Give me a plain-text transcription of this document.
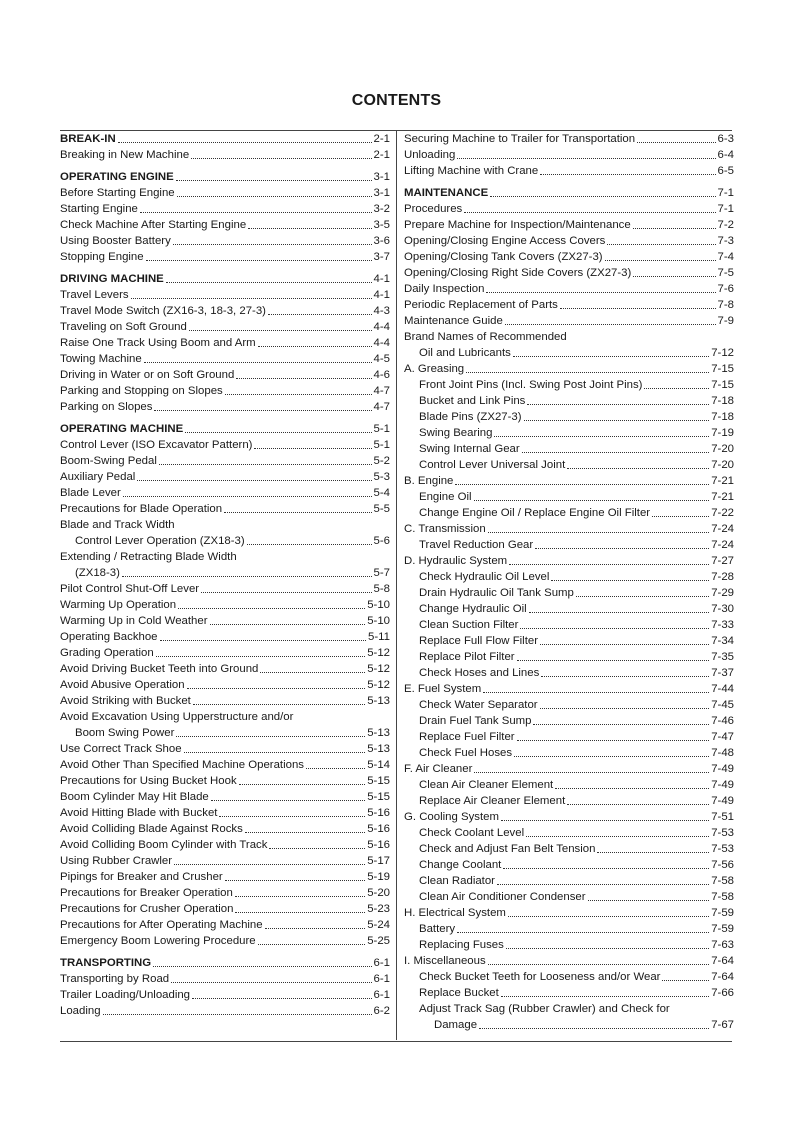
CONTENTS
BREAK-IN	2-1
Breaking in New Machine	2-1
OPERATING ENGINE	3-1
Before Starting Engine	3-1
Starting Engine	3-2
Check Machine After Starting Engine	3-5
Using Booster Battery	3-6
Stopping Engine	3-7
DRIVING MACHINE	4-1
Travel Levers	4-1
Travel Mode Switch (ZX16-3, 18-3, 27-3)	4-3
Traveling on Soft Ground	4-4
Raise One Track Using Boom and Arm	4-4
Towing Machine	4-5
Driving in Water or on Soft Ground	4-6
Parking and Stopping on Slopes	4-7
Parking on Slopes	4-7
OPERATING MACHINE	5-1
Control Lever (ISO Excavator Pattern)	5-1
Boom-Swing Pedal	5-2
Auxiliary Pedal	5-3
Blade Lever	5-4
Precautions for Blade Operation	5-5
Blade and Track Width
Control Lever Operation (ZX18-3)	5-6
Extending / Retracting Blade Width
(ZX18-3)	5-7
Pilot Control Shut-Off Lever	5-8
Warming Up Operation	5-10
Warming Up in Cold Weather	5-10
Operating Backhoe	5-11
Grading Operation	5-12
Avoid Driving Bucket Teeth into Ground	5-12
Avoid Abusive Operation	5-12
Avoid Striking with Bucket	5-13
Avoid Excavation Using Upperstructure and/or
Boom Swing Power	5-13
Use Correct Track Shoe	5-13
Avoid Other Than Specified Machine Operations	5-14
Precautions for Using Bucket Hook	5-15
Boom Cylinder May Hit Blade	5-15
Avoid Hitting Blade with Bucket	5-16
Avoid Colliding Blade Against Rocks	5-16
Avoid Colliding Boom Cylinder with Track	5-16
Using Rubber Crawler	5-17
Pipings for Breaker and Crusher	5-19
Precautions for Breaker Operation	5-20
Precautions for Crusher Operation	5-23
Precautions for After Operating Machine	5-24
Emergency Boom Lowering Procedure	5-25
TRANSPORTING	6-1
Transporting by Road	6-1
Trailer Loading/Unloading	6-1
Loading	6-2
Securing Machine to Trailer for Transportation	6-3
Unloading	6-4
Lifting Machine with Crane	6-5
MAINTENANCE	7-1
Procedures	7-1
Prepare Machine for Inspection/Maintenance	7-2
Opening/Closing Engine Access Covers	7-3
Opening/Closing Tank Covers (ZX27-3)	7-4
Opening/Closing Right Side Covers (ZX27-3)	7-5
Daily Inspection	7-6
Periodic Replacement of Parts	7-8
Maintenance Guide	7-9
Brand Names of Recommended
Oil and Lubricants	7-12
A. Greasing	7-15
Front Joint Pins (Incl. Swing Post Joint Pins)	7-15
Bucket and Link Pins	7-18
Blade Pins (ZX27-3)	7-18
Swing Bearing	7-19
Swing Internal Gear	7-20
Control Lever Universal Joint	7-20
B. Engine	7-21
Engine Oil	7-21
Change Engine Oil / Replace Engine Oil Filter	7-22
C. Transmission	7-24
Travel Reduction Gear	7-24
D. Hydraulic System	7-27
Check Hydraulic Oil Level	7-28
Drain Hydraulic Oil Tank Sump	7-29
Change Hydraulic Oil	7-30
Clean Suction Filter	7-33
Replace Full Flow Filter	7-34
Replace Pilot Filter	7-35
Check Hoses and Lines	7-37
E. Fuel System	7-44
Check Water Separator	7-45
Drain Fuel Tank Sump	7-46
Replace Fuel Filter	7-47
Check Fuel Hoses	7-48
F. Air Cleaner	7-49
Clean Air Cleaner Element	7-49
Replace Air Cleaner Element	7-49
G. Cooling System	7-51
Check Coolant Level	7-53
Check and Adjust Fan Belt Tension	7-53
Change Coolant	7-56
Clean Radiator	7-58
Clean Air Conditioner Condenser	7-58
H. Electrical System	7-59
Battery	7-59
Replacing Fuses	7-63
I. Miscellaneous	7-64
Check Bucket Teeth for Looseness and/or Wear	7-64
Replace Bucket	7-66
Adjust Track Sag (Rubber Crawler) and Check for
Damage	7-67
